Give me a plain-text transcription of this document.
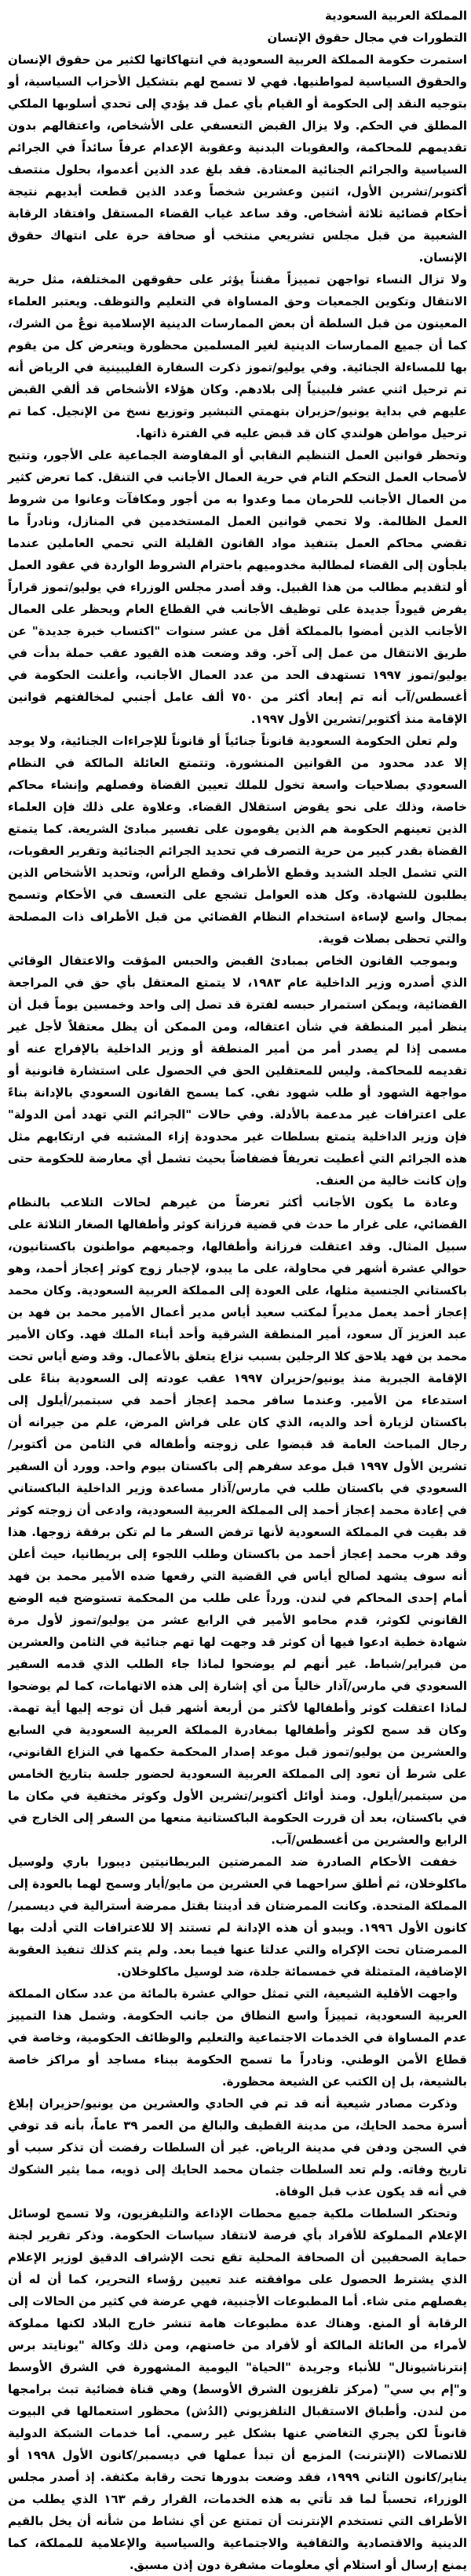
المملكة العربية السعودية

التطورات في مجال حقوق الإنسان

استمرت حكومة المملكة العربية السعودية في انتهاكاتها لكثير من حقوق الإنسان والحقوق السياسية لمواطنيها. فهي لا تسمح لهم بتشكيل الأحزاب السياسية، أو بتوجيه النقد إلى الحكومة أو القيام بأي عمل قد يؤدي إلى تحدي أسلوبها الملكي المطلق في الحكم. ولا يزال القبض التعسفي على الأشخاص، واعتقالهم بدون تقديمهم للمحاكمة، والعقوبات البدنية وعقوبة الإعدام عرفاً سائداً في الجرائم السياسية والجرائم الجنائية المعتادة. فقد بلغ عدد الذين أعدموا، بحلول منتصف أكتوبر/تشرين الأول، اثنين وعشرين شخصاً وعدد الذين قطعت أيديهم نتيجة أحكام قضائية ثلاثة أشخاص. وقد ساعد غياب القضاء المستقل وافتقاد الرقابة الشعبية من قبل مجلس تشريعي منتخب أو صحافة حرة على انتهاك حقوق الإنسان.

ولا تزال النساء تواجهن تمييزاً مقنناً يؤثر على حقوقهن المختلفة، مثل حرية الانتقال وتكوين الجمعيات وحق المساواة في التعليم والتوظف. ويعتبر العلماء المعينون من قبل السلطة أن بعض الممارسات الدينية الإسلامية نوعٌ من الشرك، كما أن جميع الممارسات الدينية لغير المسلمين محظورة ويتعرض كل من يقوم بها للمساءلة الجنائية. وفي يوليو/تموز ذكرت السفارة الفليبينية في الرياض أنه تم ترحيل اثني عشر فلبينياً إلى بلادهم. وكان هؤلاء الأشخاص قد ألقي القبض عليهم في بداية يونيو/حزيران بتهمتي التبشير وتوزيع نسخ من الإنجيل. كما تم ترحيل مواطن هولندي كان قد قبض عليه في الفترة ذاتها.

وتحظر قوانين العمل التنظيم النقابي أو المفاوضة الجماعية على الأجور، وتتيح لأصحاب العمل التحكم التام في حرية العمال الأجانب في التنقل. كما تعرض كثير من العمال الأجانب للحرمان مما وعدوا به من أجور ومكافآت وعانوا من شروط العمل الظالمة. ولا تحمي قوانين العمل المستخدمين في المنازل، ونادراً ما تقضي محاكم العمل بتنفيذ مواد القانون القليلة التي تحمي العاملين عندما يلجأون إلى القضاء لمطالبة مخدوميهم باحترام الشروط الواردة في عقود العمل أو لتقديم مطالب من هذا القبيل. وقد أصدر مجلس الوزراء في يوليو/تموز قراراً يفرض قيوداً جديدة على توظيف الأجانب في القطاع العام ويحظر على العمال الأجانب الذين أمضوا بالمملكة أقل من عشر سنوات "اكتساب خبرة جديدة" عن طريق الانتقال من عمل إلى آخر. وقد وضعت هذه القيود عقب حملة بدأت في يوليو/تموز ١٩٩٧ تستهدف الحد من عدد العمال الأجانب، وأعلنت الحكومة في أغسطس/آب أنه تم إبعاد أكثر من ٧٥٠ ألف عامل أجنبي لمخالفتهم قوانين الإقامة منذ أكتوبر/تشرين الأول ١٩٩٧.

ولم تعلن الحكومة السعودية قانوناً جنائياً أو قانوناً للإجراءات الجنائية، ولا يوجد إلا عدد محدود من القوانين المنشورة. وتتمتع العائلة المالكة في النظام السعودي بصلاحيات واسعة تخول للملك تعيين القضاة وفصلهم وإنشاء محاكم خاصة، وذلك على نحو يقوض استقلال القضاء. وعلاوة على ذلك فإن العلماء الذين تعينهم الحكومة هم الذين يقومون على تفسير مبادئ الشريعة. كما يتمتع القضاة بقدر كبير من حرية التصرف في تحديد الجرائم الجنائية وتقرير العقوبات، التي تشمل الجلد الشديد وقطع الأطراف وقطع الرأس، وتحديد الأشخاص الذين يطلبون للشهادة. وكل هذه العوامل تشجع على التعسف في الأحكام وتسمح بمجال واسع لإساءة استخدام النظام القضائي من قبل الأطراف ذات المصلحة والتي تحظى بصلات قوية.

وبموجب القانون الخاص بمبادئ القبض والحبس المؤقت والاعتقال الوقائي الذي أصدره وزير الداخلية عام ١٩٨٣، لا يتمتع المعتقل بأي حق في المراجعة القضائية، ويمكن استمرار حبسه لفترة قد تصل إلى واحد وخمسين يوماً قبل أن ينظر أمير المنطقة في شأن اعتقاله، ومن الممكن أن يظل معتقلاً لأجل غير مسمى إذا لم يصدر أمر من أمير المنطقة أو وزير الداخلية بالإفراج عنه أو تقديمه للمحاكمة. وليس للمعتقلين الحق في الحصول على استشارة قانونية أو مواجهة الشهود أو طلب شهود نفي. كما يسمح القانون السعودي بالإدانة بناءً على اعترافات غير مدعمة بالأدلة. وفي حالات "الجرائم التي تهدد أمن الدولة" فإن وزير الداخلية يتمتع بسلطات غير محدودة إزاء المشتبه في ارتكابهم مثل هذه الجرائم التي أعطيت تعريفاً فضفاضاً بحيث تشمل أي معارضة للحكومة حتى وإن كانت خالية من العنف.

وعادة ما يكون الأجانب أكثر تعرضاً من غيرهم لحالات التلاعب بالنظام القضائي، على غرار ما حدث في قضية فرزانة كوثر وأطفالها الصغار الثلاثة على سبيل المثال. وقد اعتقلت فرزانة وأطفالها، وجميعهم مواطنون باكستانيون، حوالي عشرة أشهر في محاولة، على ما يبدو، لإجبار زوج كوثر إعجاز أحمد، وهو باكستاني الجنسية مثلها، على العودة إلى المملكة العربية السعودية. وكان محمد إعجاز أحمد يعمل مديراً لمكتب سعيد أياس مدير أعمال الأمير محمد بن فهد بن عبد العزيز آل سعود، أمير المنطقة الشرقية وأحد أبناء الملك فهد. وكان الأمير محمد بن فهد يلاحق كلا الرجلين بسبب نزاع يتعلق بالأعمال. وقد وضع أياس تحت الإقامة الجبرية منذ يونيو/حزيران ١٩٩٧ عقب عودته إلى السعودية بناءً على استدعاء من الأمير. وعندما سافر محمد إعجاز أحمد في سبتمبر/أيلول إلى باكستان لزيارة أحد والديه، الذي كان على فراش المرض، علم من جيرانه أن رجال المباحث العامة قد قبضوا على زوجته وأطفاله في الثامن من أكتوبر/تشرين الأول ١٩٩٧ قبل موعد سفرهم إلى باكستان بيوم واحد. وورد أن السفير السعودي في باكستان طلب في مارس/آذار مساعدة وزير الداخلية الباكستاني في إعادة محمد إعجاز أحمد إلى المملكة العربية السعودية، وادعى أن زوجته كوثر قد بقيت في المملكة السعودية لأنها ترفض السفر ما لم تكن برفقة زوجها. هذا وقد هرب محمد إعجاز أحمد من باكستان وطلب اللجوء إلى بريطانيا، حيث أعلن أنه سوف يشهد لصالح أياس في القضية التي رفعها ضده الأمير محمد بن فهد أمام إحدى المحاكم في لندن. ورداً على طلب من المحكمة تستوضح فيه الوضع القانوني لكوثر، قدم محامو الأمير في الرابع عشر من يوليو/تموز لأول مرة شهادة خطية ادعوا فيها أن كوثر قد وجهت لها تهم جنائية في الثامن والعشرين من فبراير/شباط. غير أنهم لم يوضحوا لماذا جاء الطلب الذي قدمه السفير السعودي في مارس/آذار خالياً من أي إشارة إلى هذه الاتهامات، كما لم يوضحوا لماذا اعتقلت كوثر وأطفالها لأكثر من أربعة أشهر قبل أن توجه إليها أية تهمة. وكان قد سمح لكوثر وأطفالها بمغادرة المملكة العربية السعودية في السابع والعشرين من يوليو/تموز قبل موعد إصدار المحكمة حكمها في النزاع القانوني، على شرط أن تعود إلى المملكة العربية السعودية لحضور جلسة بتاريخ الخامس من سبتمبر/أيلول. ومنذ أوائل أكتوبر/تشرين الأول وكوثر مختفية في مكان ما في باكستان، بعد أن قررت الحكومة الباكستانية منعها من السفر إلى الخارج في الرابع والعشرين من أغسطس/آب.

خففت الأحكام الصادرة ضد الممرضتين البريطانيتين ديبورا باري ولوسيل ماكلوخلان، ثم أطلق سراحهما في العشرين من مايو/أيار وسمح لهما بالعودة إلى المملكة المتحدة. وكانت الممرضتان قد أدينتا بقتل ممرضة أسترالية في ديسمبر/كانون الأول ١٩٩٦. ويبدو أن هذه الإدانة لم تستند إلا للاعترافات التي أدلت بها الممرضتان تحت الإكراه والتي عدلتا عنها فيما بعد. ولم يتم كذلك تنفيذ العقوبة الإضافية، المتمثلة في خمسمائة جلدة، ضد لوسيل ماكلوخلان.

واجهت الأقلية الشيعية، التي تمثل حوالي عشرة بالمائة من عدد سكان المملكة العربية السعودية، تمييزاً واسع النطاق من جانب الحكومة. وشمل هذا التمييز عدم المساواة في الخدمات الاجتماعية والتعليم والوظائف الحكومية، وخاصة في قطاع الأمن الوطني. ونادراً ما تسمح الحكومة ببناء مساجد أو مراكز خاصة بالشيعة، بل إن الكتب عن الشيعة محظورة.

وذكرت مصادر شيعية أنه قد تم في الحادي والعشرين من يونيو/حزيران إبلاغ أسرة محمد الحايك، من مدينة القطيف والبالغ من العمر ٣٩ عاماً، بأنه قد توفي في السجن ودفن في مدينة الرياض. غير أن السلطات رفضت أن تذكر سبب أو تاريخ وفاته. ولم تعد السلطات جثمان محمد الحايك إلى ذويه، مما يثير الشكوك في أنه قد يكون عذب قبل الوفاة.

وتحتكر السلطات ملكية جميع محطات الإذاعة والتليفزيون، ولا تسمح لوسائل الإعلام المملوكة للأفراد بأي فرصة لانتقاد سياسات الحكومة. وذكر تقرير لجنة حماية الصحفيين أن الصحافة المحلية تقع تحت الإشراف الدقيق لوزير الإعلام الذي يشترط الحصول على موافقته عند تعيين رؤساء التحرير، كما أن له أن يفصلهم متى شاء. أما المطبوعات الأجنبية، فهي عرضة في كثير من الحالات إلى الرقابة أو المنع. وهناك عدة مطبوعات هامة تنشر خارج البلاد لكنها مملوكة لأمراء من العائلة المالكة أو لأفراد من خاصتهم، ومن ذلك وكالة "يونايتد برس إنترناشيونال" للأنباء وجريدة "الحياة" اليومية المشهورة في الشرق الأوسط و"إم بي سي" (مركز تلفزيون الشرق الأوسط) وهي قناة فضائية تبث برامجها من لندن. وأطباق الاستقبال التلفزيوني (الدُش) محظور استعمالها في البيوت قانوناً لكن يجري التغاضي عنها بشكل غير رسمي. أما خدمات الشبكة الدولية للاتصالات (الإنترنت) المزمع أن تبدأ عملها في ديسمبر/كانون الأول ١٩٩٨ أو يناير/كانون الثاني ١٩٩٩، فقد وضعت بدورها تحت رقابة مكثفة. إذ أصدر مجلس الوزراء، تحسباً لما قد تأتي به هذه الخدمات، القرار رقم ١٦٣ الذي يطلب من الأطراف التي تستخدم الإنترنت أن تمتنع عن أي نشاط من شأنه أن يخل بالقيم الدينية والاقتصادية والثقافية والاجتماعية والسياسية والإعلامية للمملكة، كما يمنع إرسال أو استلام أي معلومات مشفرة دون إذن مسبق.
